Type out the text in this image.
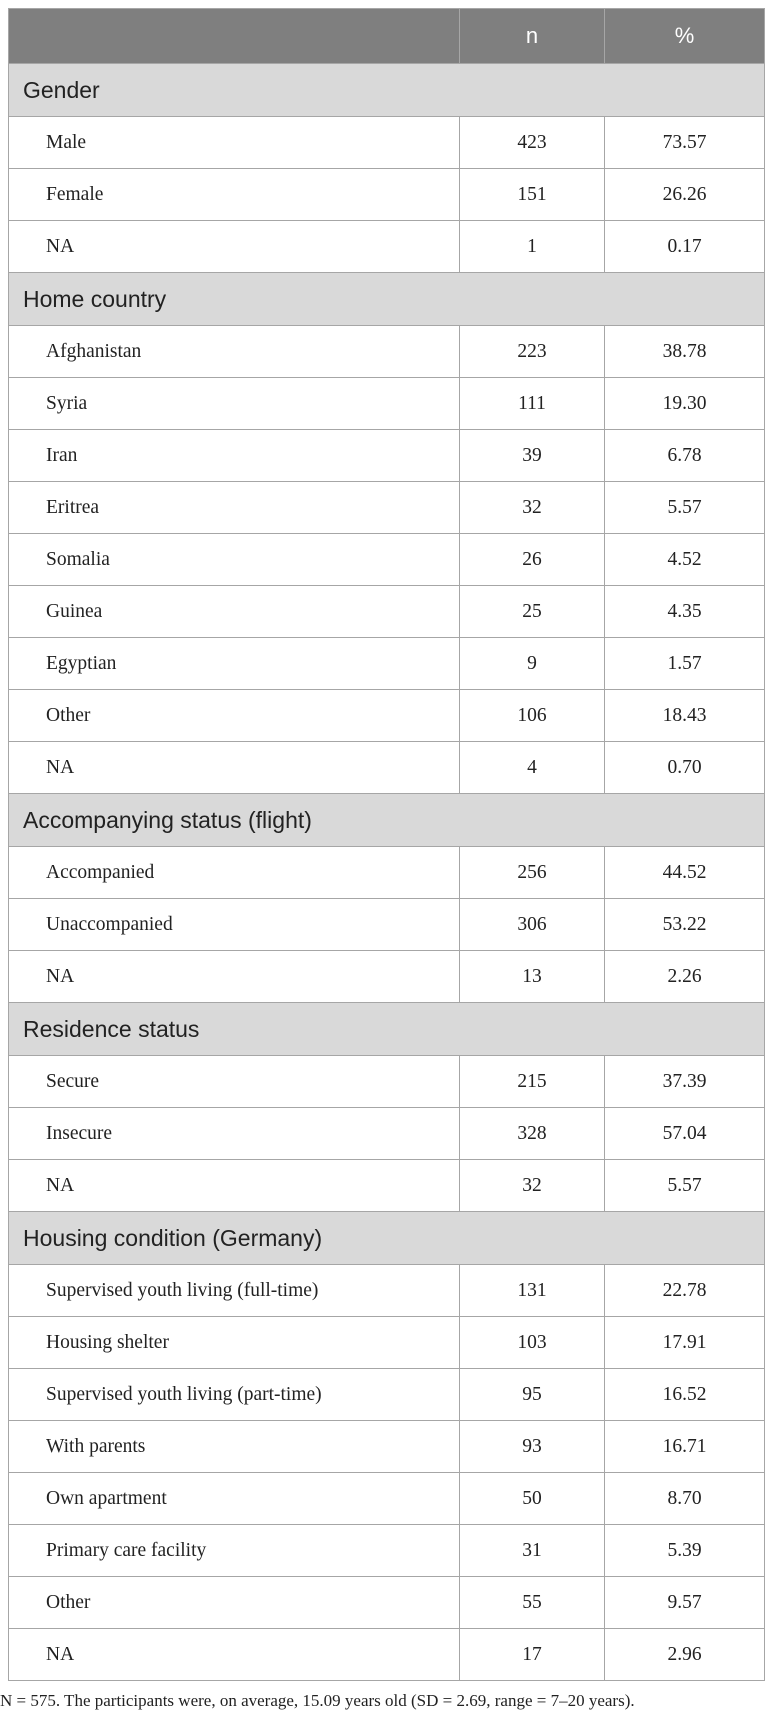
	n	%
Gender		
Male	423	73.57
Female	151	26.26
NA	1	0.17
Home country		
Afghanistan	223	38.78
Syria	111	19.30
Iran	39	6.78
Eritrea	32	5.57
Somalia	26	4.52
Guinea	25	4.35
Egyptian	9	1.57
Other	106	18.43
NA	4	0.70
Accompanying status (flight)		
Accompanied	256	44.52
Unaccompanied	306	53.22
NA	13	2.26
Residence status		
Secure	215	37.39
Insecure	328	57.04
NA	32	5.57
Housing condition (Germany)		
Supervised youth living (full-time)	131	22.78
Housing shelter	103	17.91
Supervised youth living (part-time)	95	16.52
With parents	93	16.71
Own apartment	50	8.70
Primary care facility	31	5.39
Other	55	9.57
NA	17	2.96
N = 575. The participants were, on average, 15.09 years old (SD = 2.69, range = 7–20 years).
